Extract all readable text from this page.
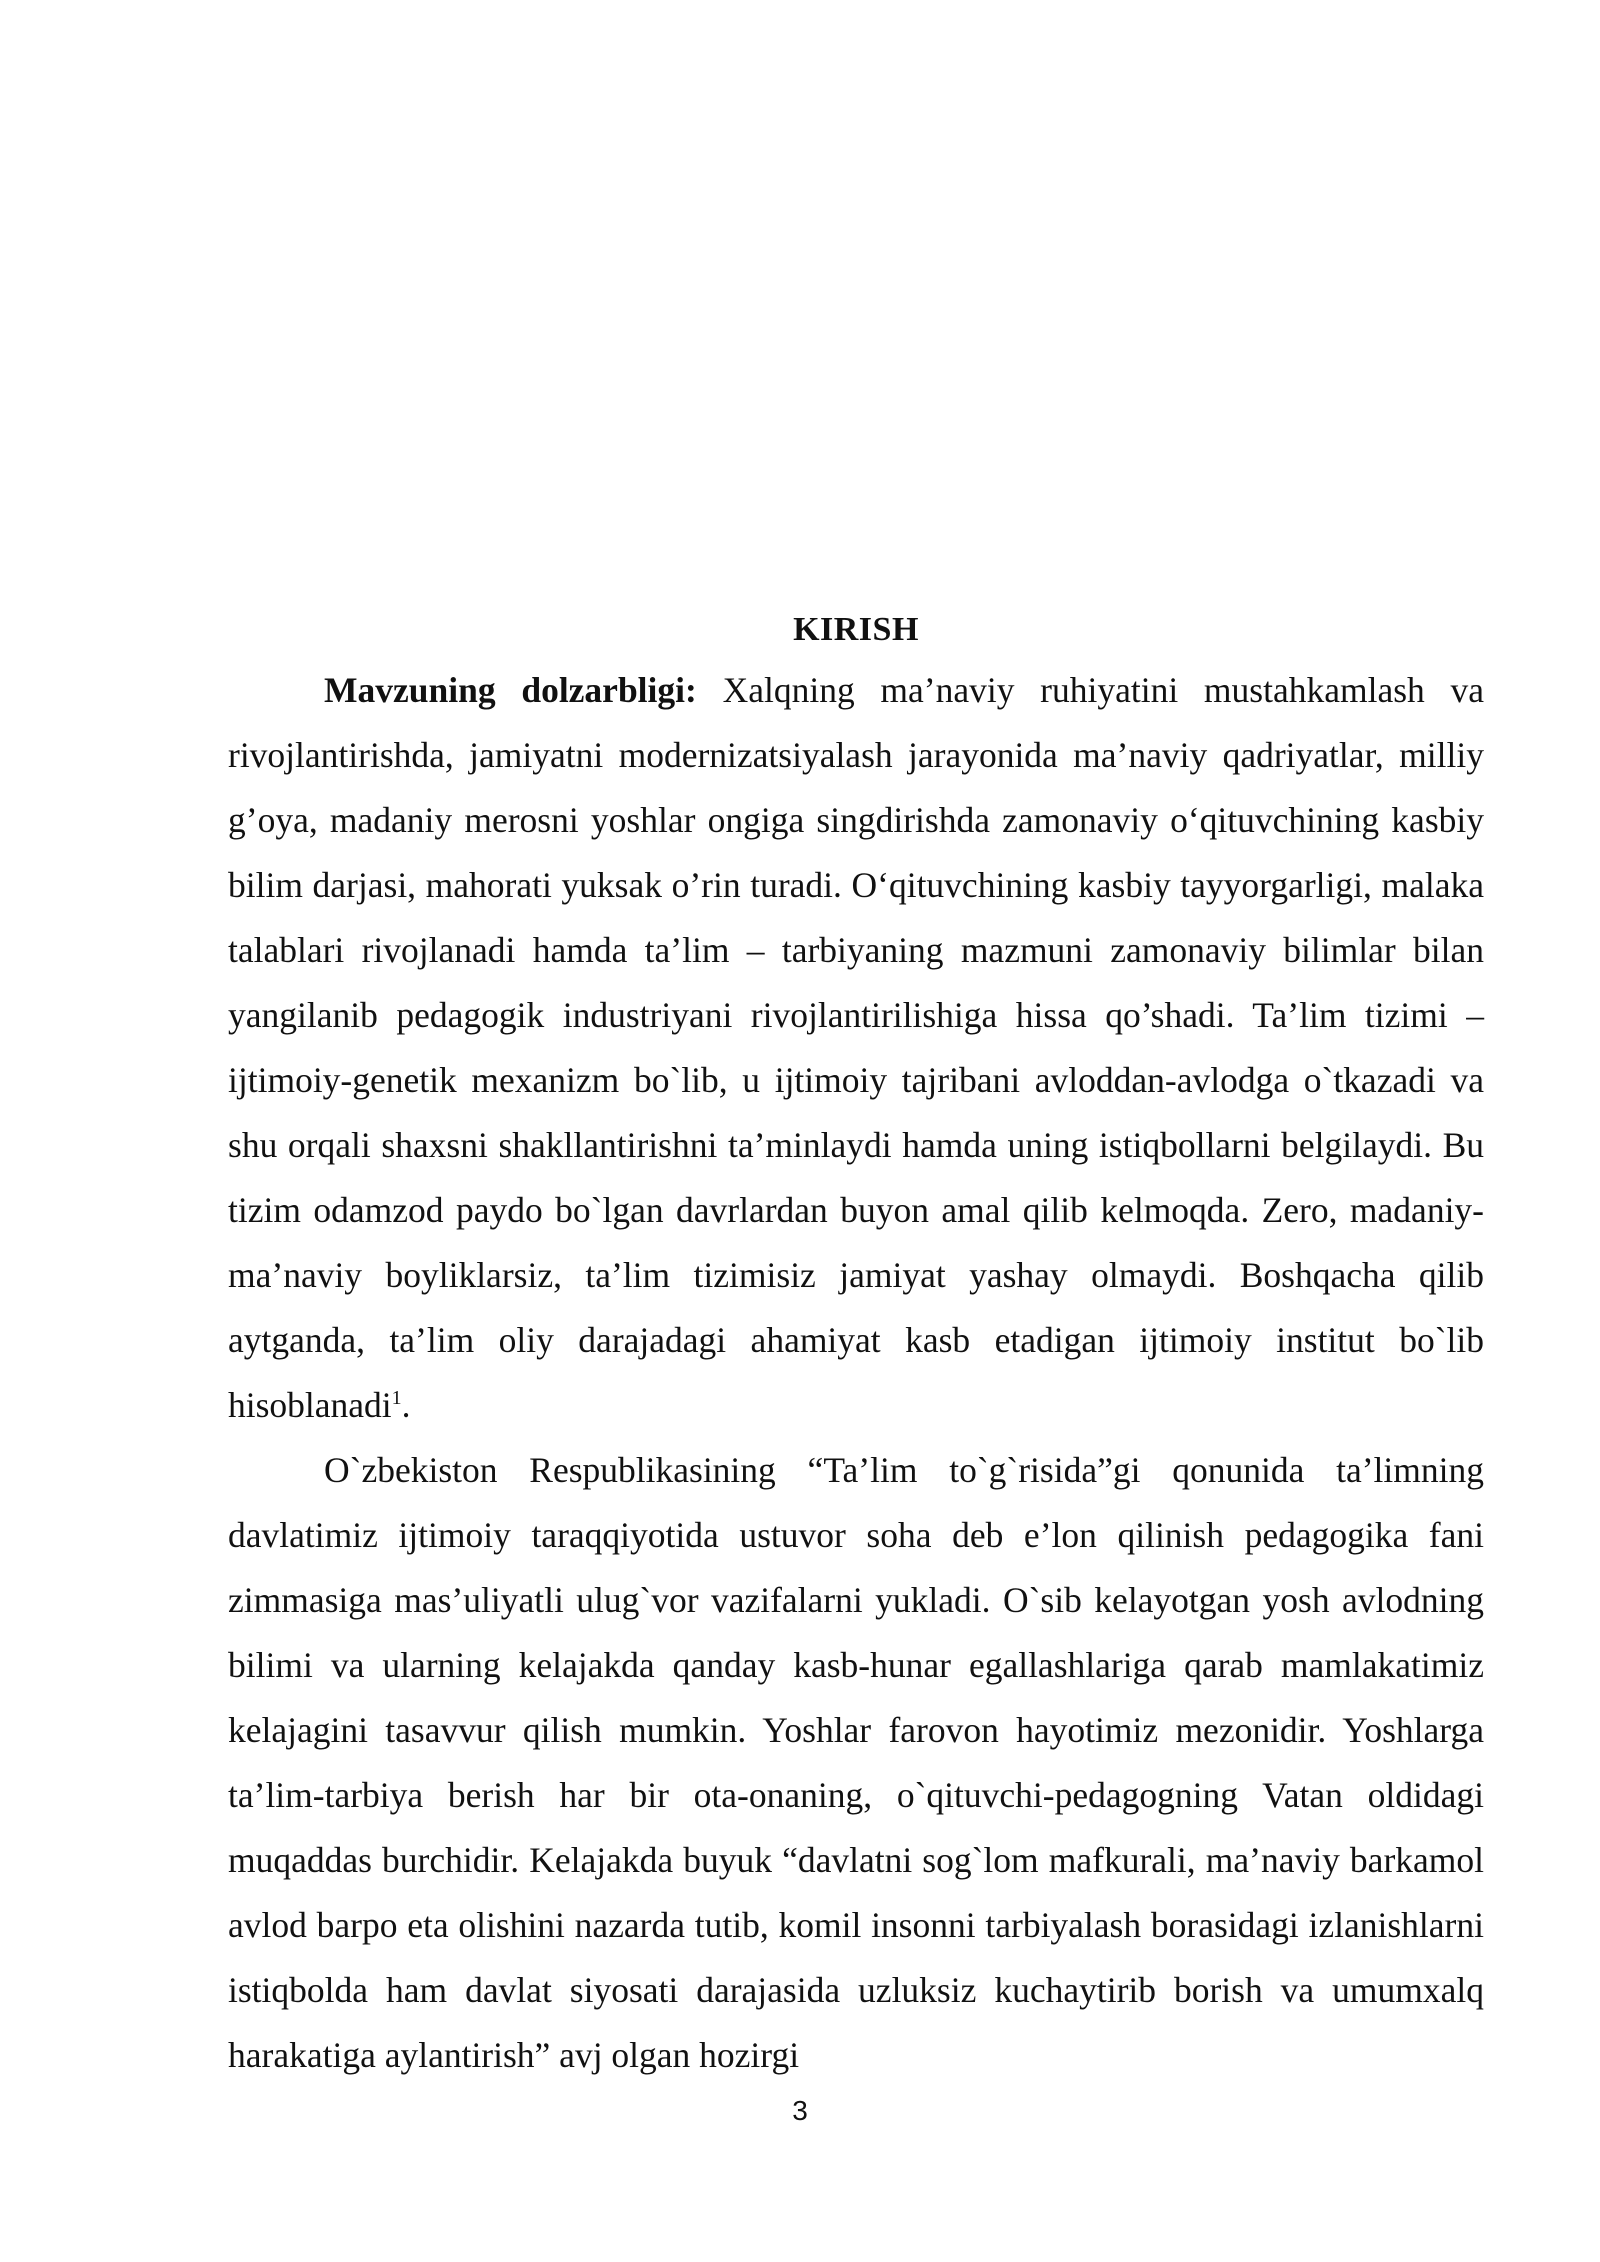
KIRISH

Mavzuning dolzarbligi: Xalqning ma’naviy ruhiyatini mustahkamlash va rivojlantirishda, jamiyatni modernizatsiyalash jarayonida ma’naviy qadriyatlar, milliy g’oya, madaniy merosni yoshlar ongiga singdirishda zamonaviy o‘qituvchining kasbiy bilim darjasi, mahorati yuksak o’rin turadi. O‘qituvchining kasbiy tayyorgarligi, malaka talablari rivojlanadi hamda ta’lim – tarbiyaning mazmuni zamonaviy bilimlar bilan yangilanib pedagogik industriyani rivojlantirilishiga hissa qo’shadi. Ta’lim tizimi – ijtimoiy-genetik mexanizm bo`lib, u ijtimoiy tajribani avloddan-avlodga o`tkazadi va shu orqali shaxsni shakllantirishni ta’minlaydi hamda uning istiqbollarni belgilaydi. Bu tizim odamzod paydo bo`lgan davrlardan buyon amal qilib kelmoqda. Zero, madaniy-ma’naviy boyliklarsiz, ta’lim tizimisiz jamiyat yashay olmaydi. Boshqacha qilib aytganda, ta’lim oliy darajadagi ahamiyat kasb etadigan ijtimoiy institut bo`lib hisoblanadi$^1$.

O`zbekiston Respublikasining “Ta’lim to`g`risida”gi qonunida ta’limning davlatimiz ijtimoiy taraqqiyotida ustuvor soha deb e’lon qilinish pedagogika fani zimmasiga mas’uliyatli ulug`vor vazifalarni yukladi. O`sib kelayotgan yosh avlodning bilimi va ularning kelajakda qanday kasb-hunar egallashlariga qarab mamlakatimiz kelajagini tasavvur qilish mumkin. Yoshlar farovon hayotimiz mezonidir. Yoshlarga ta’lim-tarbiya berish har bir ota-onaning, o`qituvchi-pedagogning Vatan oldidagi muqaddas burchidir. Kelajakda buyuk “davlatni sog`lom mafkurali, ma’naviy barkamol avlod barpo eta olishini nazarda tutib, komil insonni tarbiyalash borasidagi izlanishlarni istiqbolda ham davlat siyosati darajasida uzluksiz kuchaytirib borish va umumxalq harakatiga aylantirish” avj olgan hozirgi

3
